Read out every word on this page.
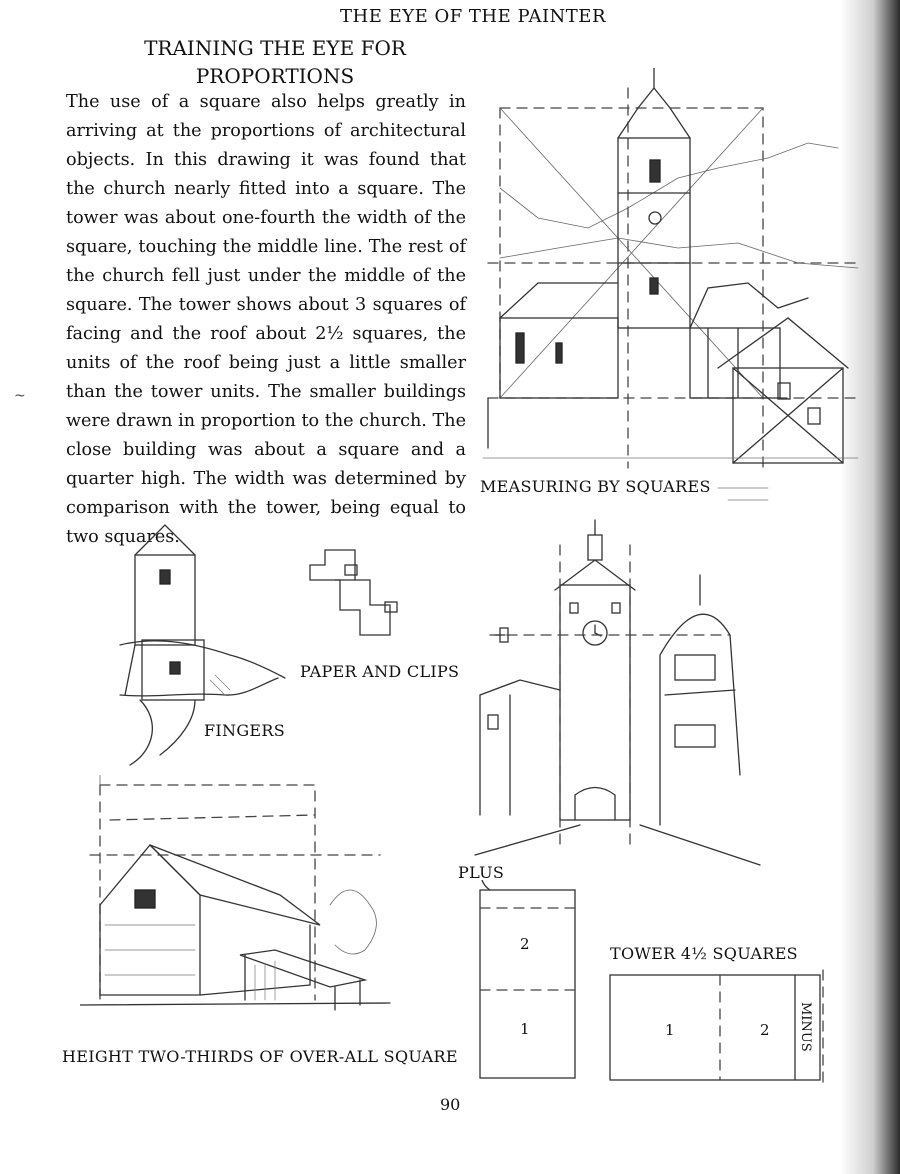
THE EYE OF THE PAINTER
TRAINING THE EYE FOR PROPORTIONS
The use of a square also helps greatly in arriving at the proportions of architectural objects. In this drawing it was found that the church nearly fitted into a square. The tower was about one-fourth the width of the square, touching the middle line. The rest of the church fell just under the middle of the square. The tower shows about 3 squares of facing and the roof about 2½ squares, the units of the roof being just a little smaller than the tower units. The smaller buildings were drawn in proportion to the church. The close building was about a square and a quarter high. The width was determined by comparison with the tower, being equal to two squares.
~
MEASURING BY SQUARES
FINGERS
PAPER AND CLIPS
HEIGHT TWO-THIRDS OF OVER-ALL SQUARE
PLUS
2
1
TOWER 4½ SQUARES
1	2 MINUS
90
